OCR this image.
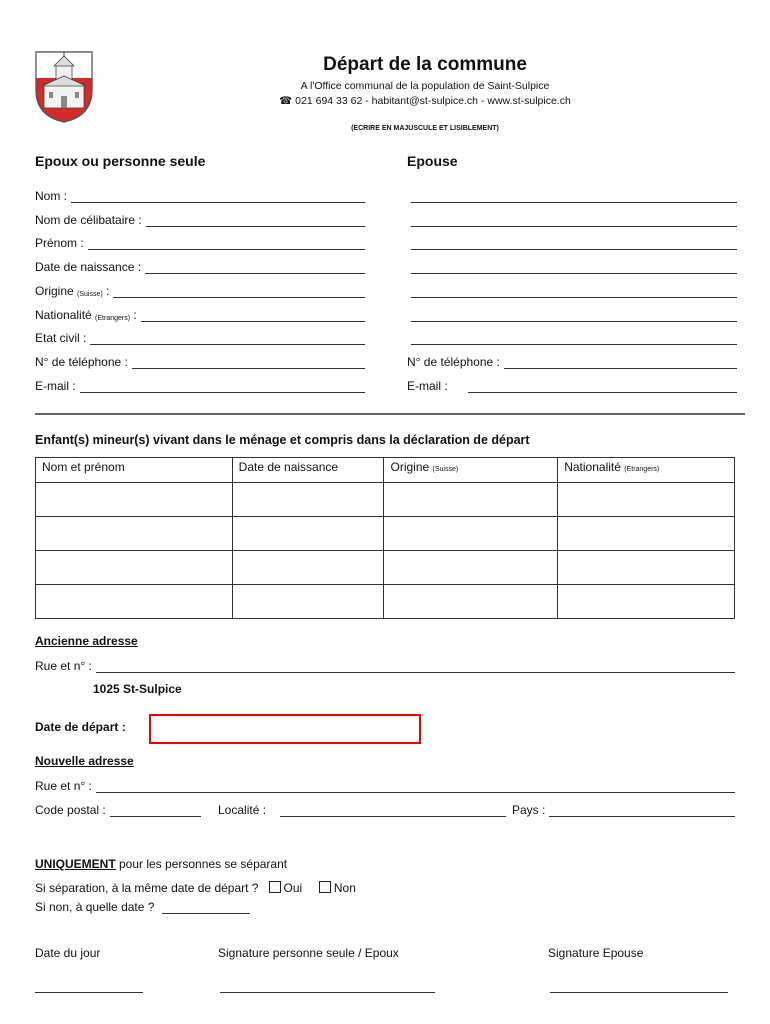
Départ de la commune
A l'Office communal de la population de Saint-Sulpice
☎ 021 694 33 62 - habitant@st-sulpice.ch - www.st-sulpice.ch
(ECRIRE EN MAJUSCULE ET LISIBLEMENT)
Epoux ou personne seule	Epouse
Nom :
Nom de célibataire :
Prénom :
Date de naissance :
Origine
(Suisse) :
Nationalité
(Etrangers) :
Etat civil :
N° de téléphone :
E-mail :
N° de téléphone :
E-mail :
Enfant(s) mineur(s) vivant dans le ménage et compris dans la déclaration de départ
Nom et prénom	Date de naissance	Origine (Suisse)	Nationalité (Etrangers)

Ancienne adresse
Rue et n° :
1025 St-Sulpice
Date de départ :
Nouvelle adresse
Rue et n° :
Code postal :	Localité :	Pays :
UNIQUEMENT pour les personnes se séparant
Si séparation, à la même date de départ ? Oui	Non
Si non, à quelle date ?
Date du jour	Signature personne seule / Epoux	Signature Epouse
